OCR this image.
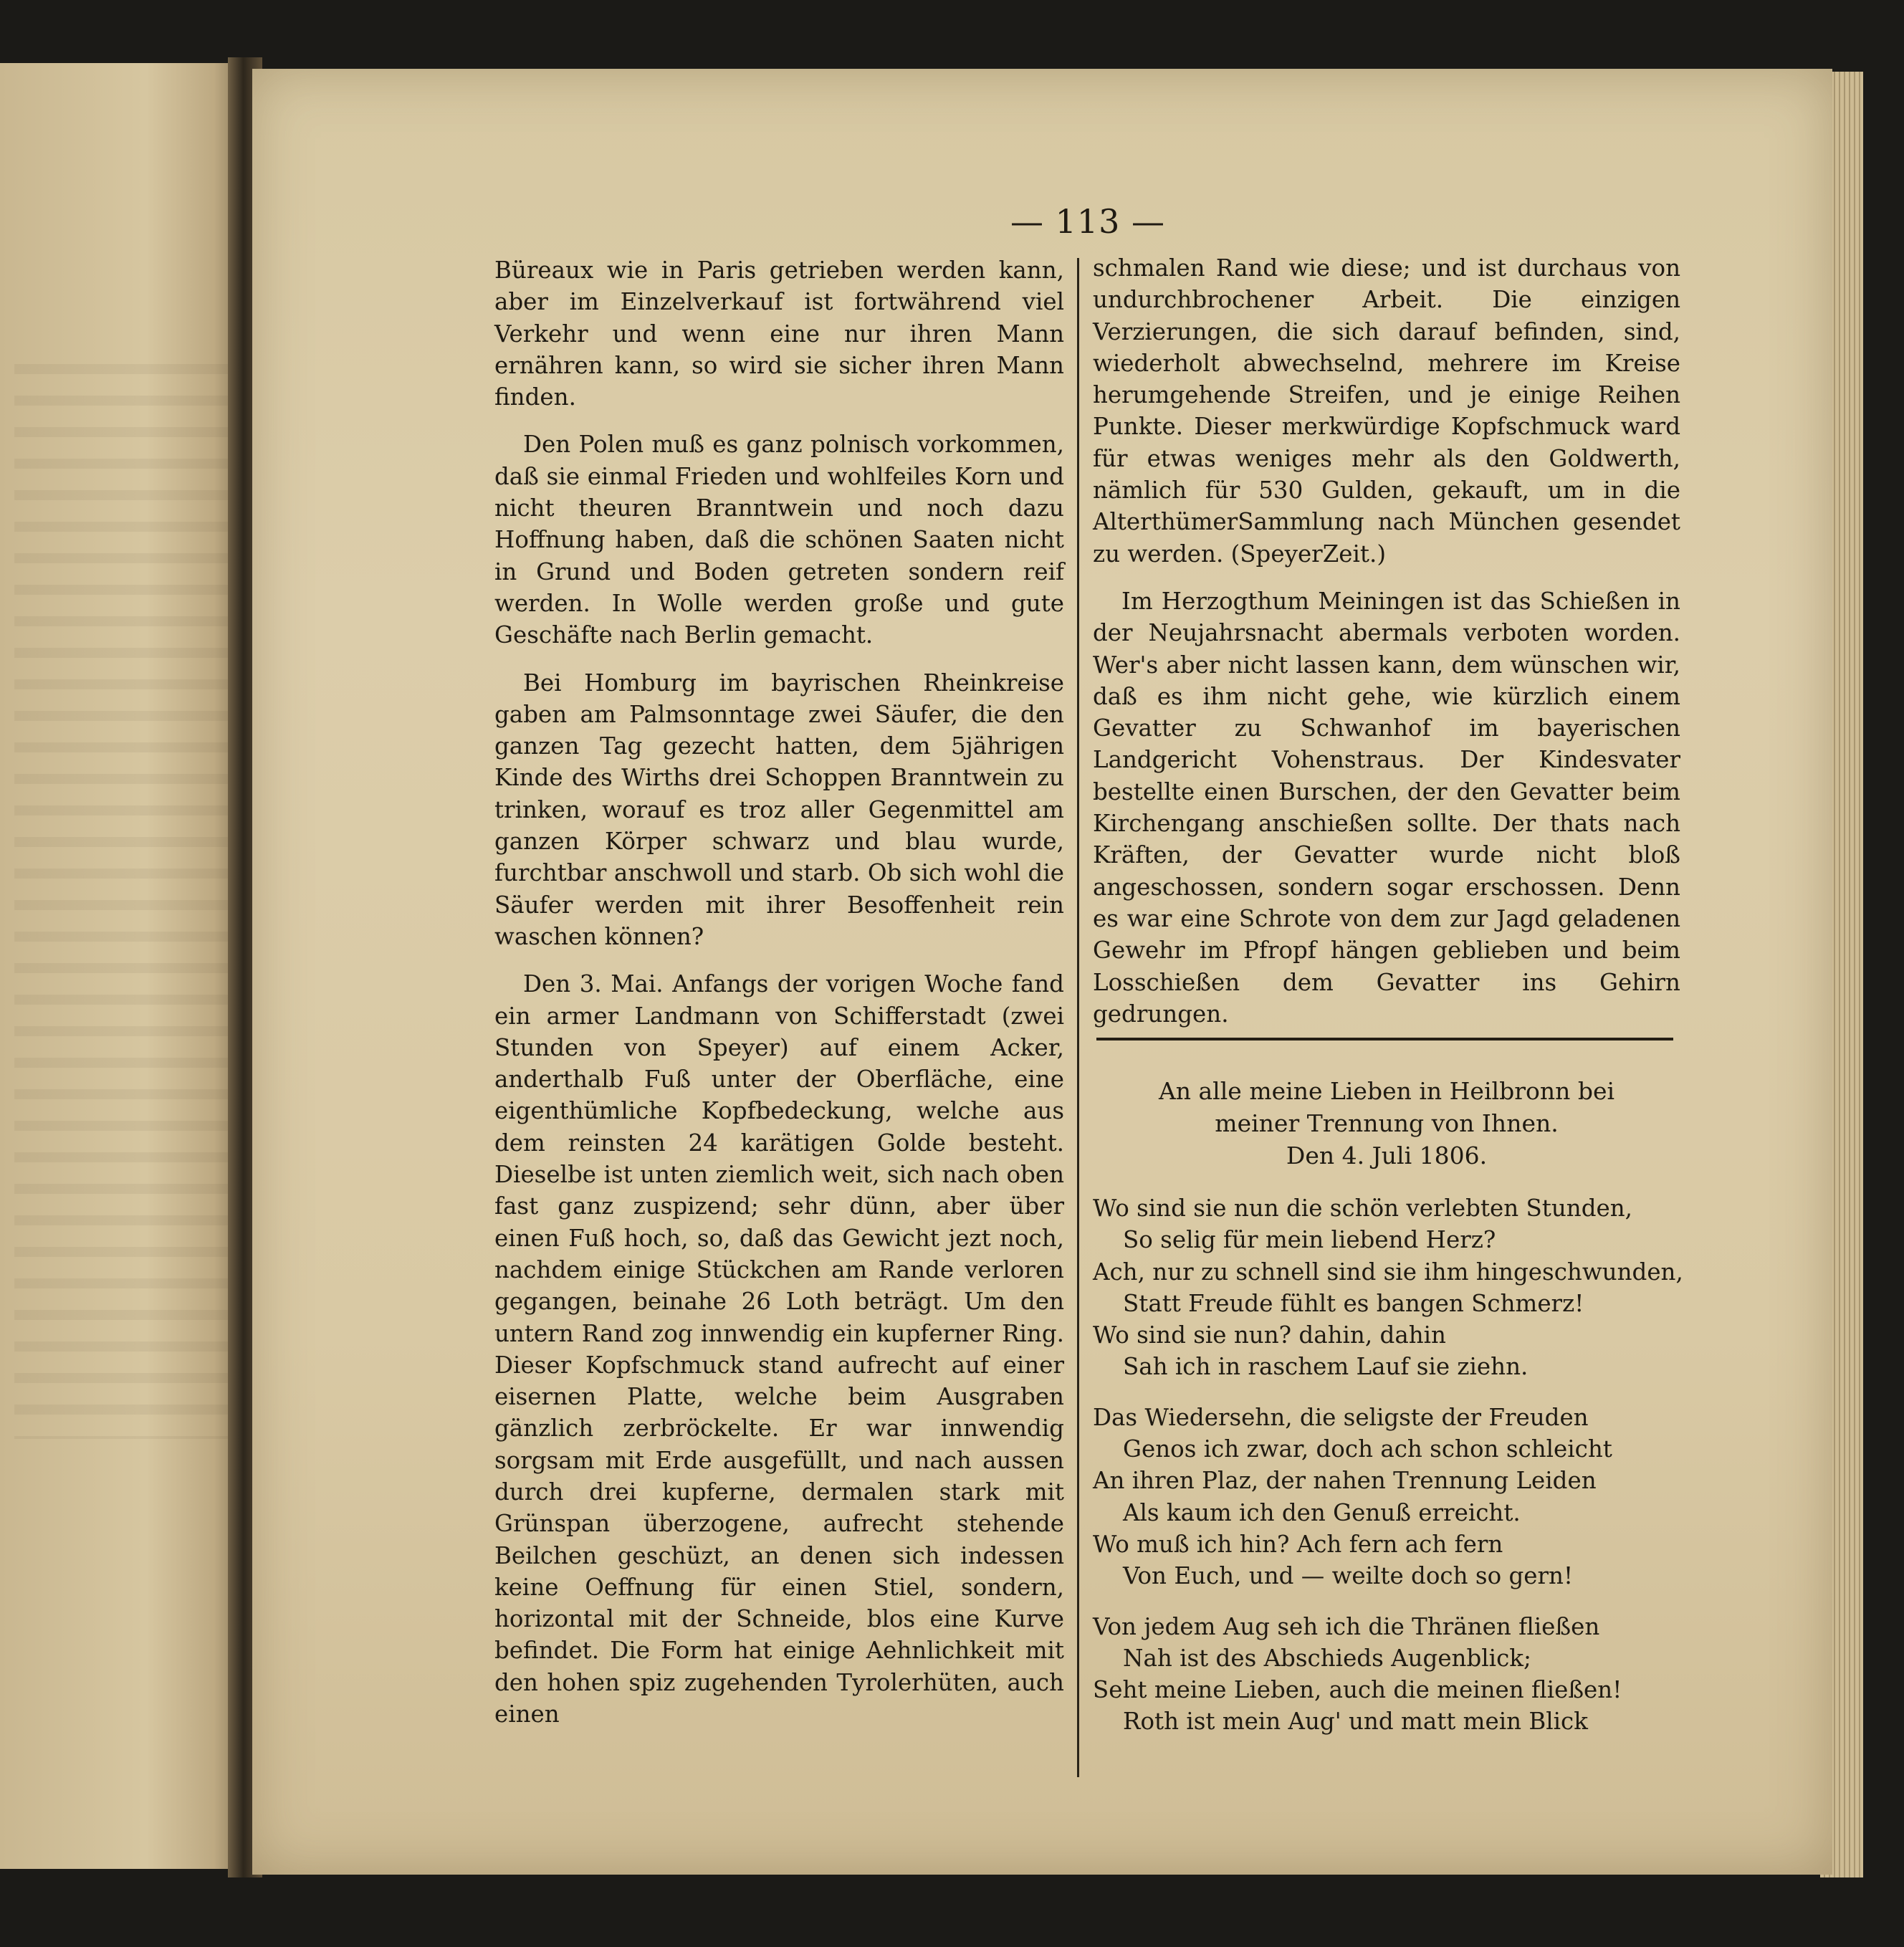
— 113 —

Büreaux wie in Paris getrieben werden kann, aber im Einzelverkauf ist fortwährend viel Verkehr und wenn eine nur ihren Mann ernähren kann, so wird sie sicher ihren Mann finden.

Den Polen muß es ganz polnisch vorkommen, daß sie einmal Frieden und wohlfeiles Korn und nicht theuren Branntwein und noch dazu Hoffnung haben, daß die schönen Saaten nicht in Grund und Boden getreten sondern reif werden. In Wolle werden große und gute Geschäfte nach Berlin gemacht.

Bei Homburg im bayrischen Rheinkreise gaben am Palmsonntage zwei Säufer, die den ganzen Tag gezecht hatten, dem 5jährigen Kinde des Wirths drei Schoppen Branntwein zu trinken, worauf es troz aller Gegenmittel am ganzen Körper schwarz und blau wurde, furchtbar anschwoll und starb. Ob sich wohl die Säufer werden mit ihrer Besoffenheit rein waschen können?

Den 3. Mai. Anfangs der vorigen Woche fand ein armer Landmann von Schifferstadt (zwei Stunden von Speyer) auf einem Acker, anderthalb Fuß unter der Oberfläche, eine eigenthümliche Kopfbedeckung, welche aus dem reinsten 24 karätigen Golde besteht. Dieselbe ist unten ziemlich weit, sich nach oben fast ganz zuspizend; sehr dünn, aber über einen Fuß hoch, so, daß das Gewicht jezt noch, nachdem einige Stückchen am Rande verloren gegangen, beinahe 26 Loth beträgt. Um den untern Rand zog innwendig ein kupferner Ring. Dieser Kopfschmuck stand aufrecht auf einer eisernen Platte, welche beim Ausgraben gänzlich zerbröckelte. Er war innwendig sorgsam mit Erde ausgefüllt, und nach aussen durch drei kupferne, dermalen stark mit Grünspan überzogene, aufrecht stehende Beilchen geschüzt, an denen sich indessen keine Oeffnung für einen Stiel, sondern, horizontal mit der Schneide, blos eine Kurve befindet. Die Form hat einige Aehnlichkeit mit den hohen spiz zugehenden Tyrolerhüten, auch einen

schmalen Rand wie diese; und ist durchaus von undurchbrochener Arbeit. Die einzigen Verzierungen, die sich darauf befinden, sind, wiederholt abwechselnd, mehrere im Kreise herumgehende Streifen, und je einige Reihen Punkte. Dieser merkwürdige Kopfschmuck ward für etwas weniges mehr als den Goldwerth, nämlich für 530 Gulden, gekauft, um in die AlterthümerSammlung nach München gesendet zu werden. (SpeyerZeit.)

Im Herzogthum Meiningen ist das Schießen in der Neujahrsnacht abermals verboten worden. Wer's aber nicht lassen kann, dem wünschen wir, daß es ihm nicht gehe, wie kürzlich einem Gevatter zu Schwanhof im bayerischen Landgericht Vohenstraus. Der Kindesvater bestellte einen Burschen, der den Gevatter beim Kirchengang anschießen sollte. Der thats nach Kräften, der Gevatter wurde nicht bloß angeschossen, sondern sogar erschossen. Denn es war eine Schrote von dem zur Jagd geladenen Gewehr im Pfropf hängen geblieben und beim Losschießen dem Gevatter ins Gehirn gedrungen.

An alle meine Lieben in Heilbronn bei
meiner Trennung von Ihnen.
Den 4. Juli 1806.
Wo sind sie nun die schön verlebten Stunden,
So selig für mein liebend Herz?
Ach, nur zu schnell sind sie ihm hingeschwunden,
Statt Freude fühlt es bangen Schmerz!
Wo sind sie nun? dahin, dahin
Sah ich in raschem Lauf sie ziehn.
Das Wiedersehn, die seligste der Freuden
Genos ich zwar, doch ach schon schleicht
An ihren Plaz, der nahen Trennung Leiden
Als kaum ich den Genuß erreicht.
Wo muß ich hin? Ach fern ach fern
Von Euch, und — weilte doch so gern!
Von jedem Aug seh ich die Thränen fließen
Nah ist des Abschieds Augenblick;
Seht meine Lieben, auch die meinen fließen!
Roth ist mein Aug' und matt mein Blick
